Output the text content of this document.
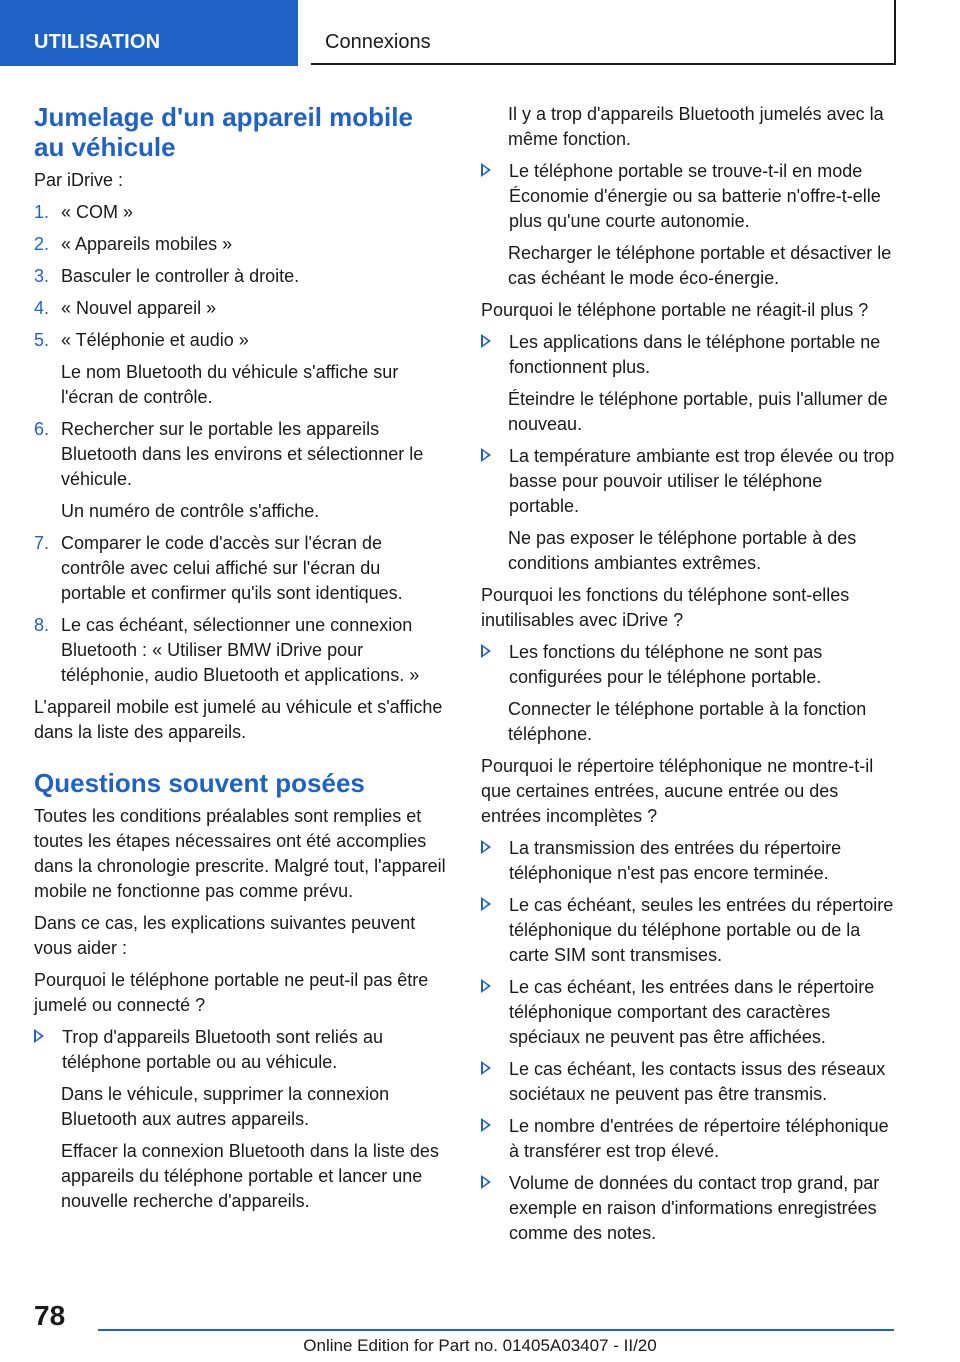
UTILISATION	Connexions
Jumelage d'un appareil mobile au véhicule

Par iDrive :

1. « COM »
2. « Appareils mobiles »
3. Basculer le controller à droite.
4. « Nouvel appareil »
5. « Téléphonie et audio »
Le nom Bluetooth du véhicule s'affiche sur l'écran de contrôle.
6. Rechercher sur le portable les appareils Bluetooth dans les environs et sélectionner le véhicule.
Un numéro de contrôle s'affiche.
7. Comparer le code d'accès sur l'écran de contrôle avec celui affiché sur l'écran du portable et confirmer qu'ils sont identiques.
8. Le cas échéant, sélectionner une connexion Bluetooth : « Utiliser BMW iDrive pour téléphonie, audio Bluetooth et applications. »

L’appareil mobile est jumelé au véhicule et s'affiche dans la liste des appareils.

Questions souvent posées

Toutes les conditions préalables sont remplies et toutes les étapes nécessaires ont été accomplies dans la chronologie prescrite. Malgré tout, l'appareil mobile ne fonctionne pas comme prévu.

Dans ce cas, les explications suivantes peuvent vous aider :

Pourquoi le téléphone portable ne peut-il pas être jumelé ou connecté ?

Trop d'appareils Bluetooth sont reliés au téléphone portable ou au véhicule.

Dans le véhicule, supprimer la connexion Bluetooth aux autres appareils.

Effacer la connexion Bluetooth dans la liste des appareils du téléphone portable et lancer une nouvelle recherche d'appareils.

Il y a trop d'appareils Bluetooth jumelés avec la même fonction.

Le téléphone portable se trouve-t-il en mode Économie d'énergie ou sa batterie n'offre-t-elle plus qu'une courte autonomie.

Recharger le téléphone portable et désactiver le cas échéant le mode éco-énergie.

Pourquoi le téléphone portable ne réagit-il plus ?

Les applications dans le téléphone portable ne fonctionnent plus.

Éteindre le téléphone portable, puis l'allumer de nouveau.

La température ambiante est trop élevée ou trop basse pour pouvoir utiliser le téléphone portable.

Ne pas exposer le téléphone portable à des conditions ambiantes extrêmes.

Pourquoi les fonctions du téléphone sont-elles inutilisables avec iDrive ?

Les fonctions du téléphone ne sont pas configurées pour le téléphone portable.

Connecter le téléphone portable à la fonction téléphone.

Pourquoi le répertoire téléphonique ne montre-t-il que certaines entrées, aucune entrée ou des entrées incomplètes ?

La transmission des entrées du répertoire téléphonique n'est pas encore terminée.
Le cas échéant, seules les entrées du répertoire téléphonique du téléphone portable ou de la carte SIM sont transmises.
Le cas échéant, les entrées dans le répertoire téléphonique comportant des caractères spéciaux ne peuvent pas être affichées.
Le cas échéant, les contacts issus des réseaux sociétaux ne peuvent pas être transmis.
Le nombre d'entrées de répertoire téléphonique à transférer est trop élevé.
Volume de données du contact trop grand, par exemple en raison d'informations enregistrées comme des notes.
78
Online Edition for Part no. 01405A03407 - II/20
